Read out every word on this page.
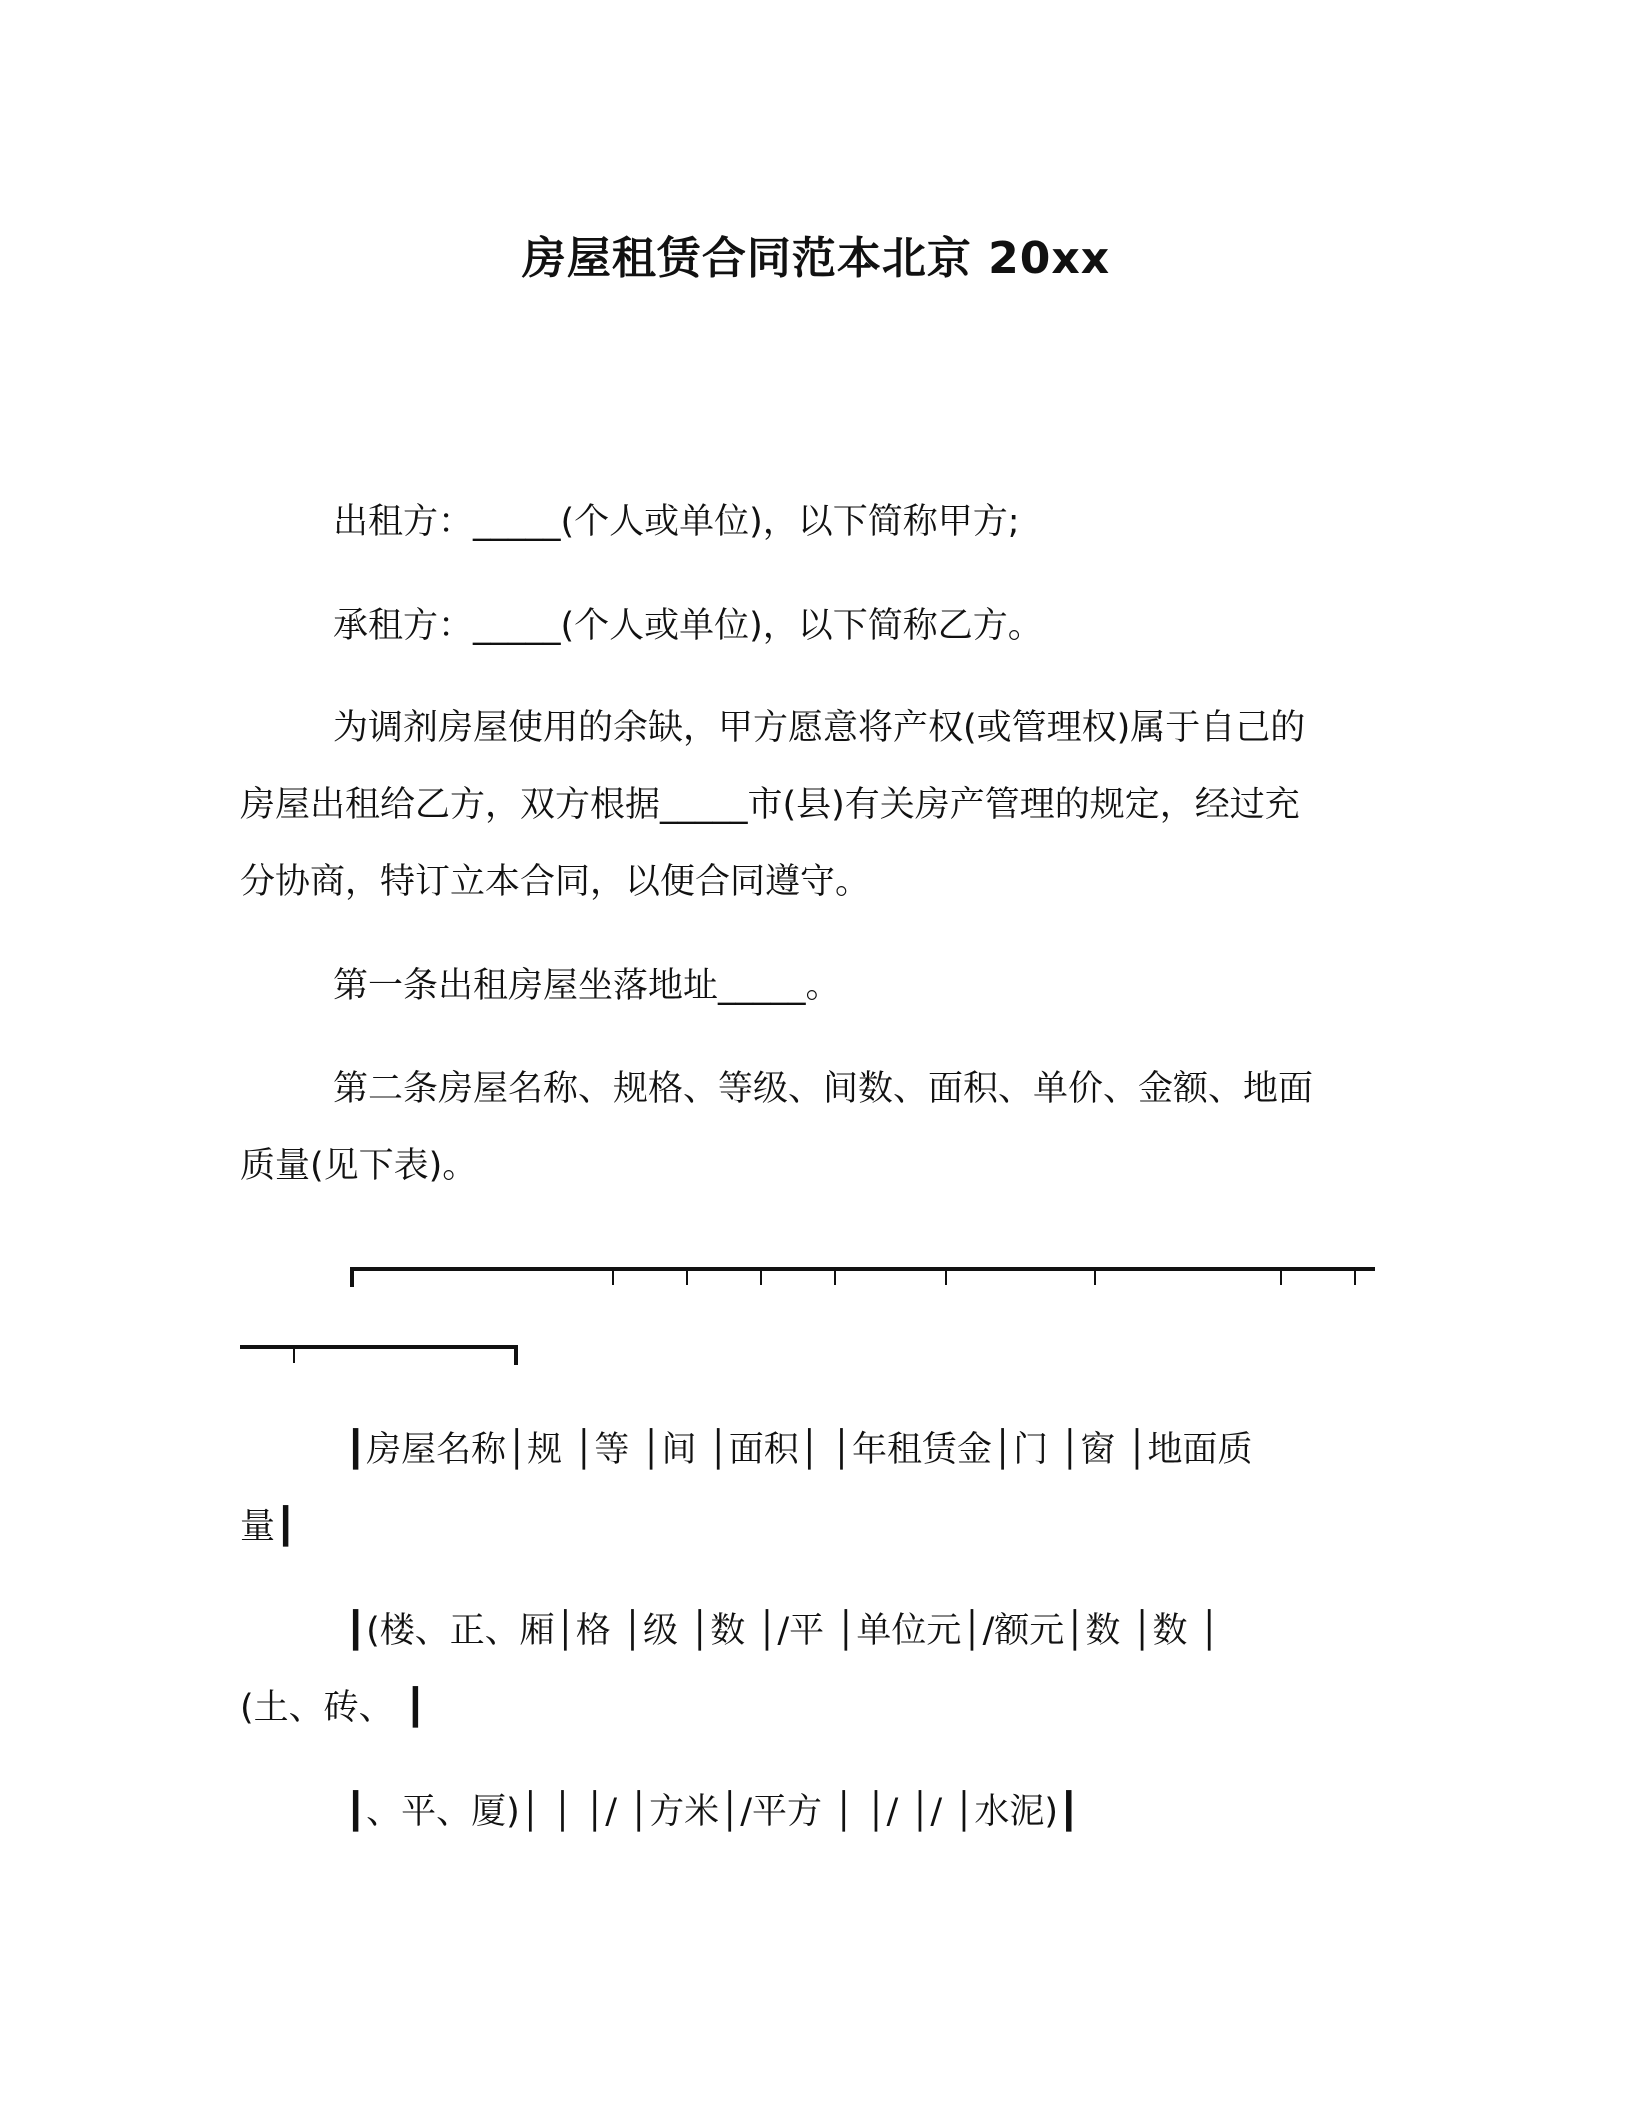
房屋租赁合同范本北京 20xx
出租方：_____(个人或单位)，以下简称甲方;
承租方：_____(个人或单位)，以下简称乙方。
为调剂房屋使用的余缺，甲方愿意将产权(或管理权)属于自己的
房屋出租给乙方，双方根据_____市(县)有关房产管理的规定，经过充
分协商，特订立本合同，以便合同遵守。
第一条出租房屋坐落地址_____。
第二条房屋名称、规格、等级、间数、面积、单价、金额、地面
质量(见下表)。
┃房屋名称│规 │等 │间 │面积│ │年租赁金│门 │窗 │地面质
量┃
┃(楼、正、厢│格 │级 │数 │/平 │单位元│/额元│数 │数 │
(土、砖、 ┃
┃、平、厦)│ │ │/ │方米│/平方 │ │/ │/ │水泥)┃
